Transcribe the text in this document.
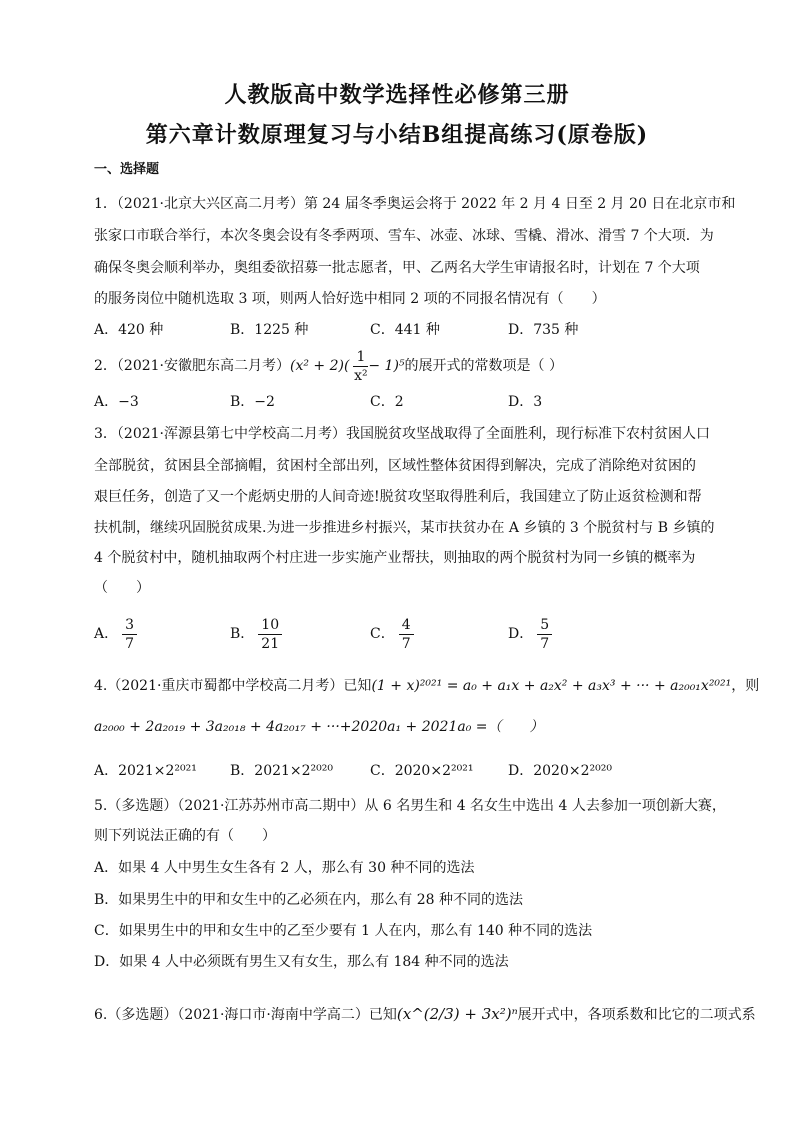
人教版高中数学选择性必修第三册
第六章计数原理复习与小结B组提高练习(原卷版)
一、选择题
1．（2021·北京大兴区高二月考）第 24 届冬季奥运会将于 2022 年 2 月 4 日至 2 月 20 日在北京市和
张家口市联合举行，本次冬奥会设有冬季两项、雪车、冰壶、冰球、雪橇、滑冰、滑雪 7 个大项．为
确保冬奥会顺利举办，奥组委欲招募一批志愿者，甲、乙两名大学生审请报名时，计划在 7 个大项
的服务岗位中随机选取 3 项，则两人恰好选中相同 2 项的不同报名情况有（　　）
A．420 种	B．1225 种	C．441 种	D．735 种
2．（2021·安徽肥东高二月考）$(x^2 + 2)( \frac{1}{\text{x²}} - 1)^5$的展开式的常数项是（ ）
A．−3	B．−2	C．2	D．3
3．（2021·浑源县第七中学校高二月考）我国脱贫攻坚战取得了全面胜利，现行标准下农村贫困人口
全部脱贫，贫困县全部摘帽，贫困村全部出列，区域性整体贫困得到解决，完成了消除绝对贫困的
艰巨任务，创造了又一个彪炳史册的人间奇迹!脱贫攻坚取得胜利后，我国建立了防止返贫检测和帮
扶机制，继续巩固脱贫成果.为进一步推进乡村振兴，某市扶贫办在 A 乡镇的 3 个脱贫村与 B 乡镇的
4 个脱贫村中，随机抽取两个村庄进一步实施产业帮扶，则抽取的两个脱贫村为同一乡镇的概率为
（　　）
A． $\frac{3}{7}$	B． $\frac{10}{21}$	C． $\frac{4}{7}$	D． $\frac{5}{7}$
4.（2021·重庆市蜀都中学校高二月考）已知(1 + x)²⁰²¹ = a₀ + a₁x + a₂x² + a₃x³ + ··· + a₂₀₀₁x²⁰²¹，则
a₂₀₀₀ + 2a₂₀₁₉ + 3a₂₀₁₈ + 4a₂₀₁₇ + ···+2020a₁ + 2021a₀ =（　　）
A．2021×2²⁰²¹ B．2021×2²⁰²⁰	C．2020×2²⁰²¹ D．2020×2²⁰²⁰
5.（多选题）（2021·江苏苏州市高二期中）从 6 名男生和 4 名女生中选出 4 人去参加一项创新大赛，
则下列说法正确的有（　　）
A．如果 4 人中男生女生各有 2 人，那么有 30 种不同的选法
B．如果男生中的甲和女生中的乙必须在内，那么有 28 种不同的选法
C．如果男生中的甲和女生中的乙至少要有 1 人在内，那么有 140 种不同的选法
D．如果 4 人中必须既有男生又有女生，那么有 184 种不同的选法
6.（多选题）（2021·海口市·海南中学高二）已知(x^(2/3) + 3x²)ⁿ展开式中，各项系数和比它的二项式系
